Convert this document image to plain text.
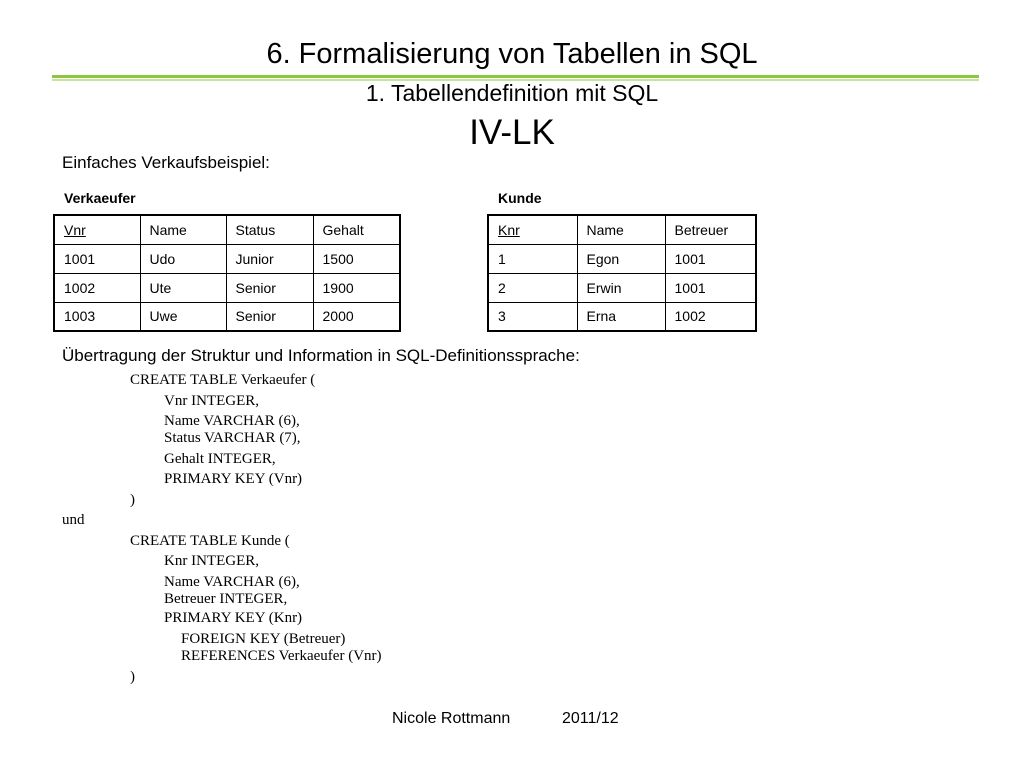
6. Formalisierung von Tabellen in SQL
1. Tabellendefinition mit SQL
IV-LK
Einfaches Verkaufsbeispiel:
Verkaeufer
Vnr	Name	Status	Gehalt
1001	Udo	Junior	1500
1002	Ute	Senior	1900
1003	Uwe	Senior	2000
Kunde
Knr	Name	Betreuer
1	Egon	1001
2	Erwin	1001
3	Erna	1002
Übertragung der Struktur und Information in SQL-Definitionssprache:
CREATE TABLE Verkaeufer (
Vnr INTEGER,
Name VARCHAR (6),
Status VARCHAR (7),
Gehalt INTEGER,
PRIMARY KEY (Vnr)
)
und
CREATE TABLE Kunde (
Knr INTEGER,
Name VARCHAR (6),
Betreuer INTEGER,
PRIMARY KEY (Knr)
FOREIGN KEY (Betreuer)
REFERENCES Verkaeufer (Vnr)
)
Nicole Rottmann	2011/12
